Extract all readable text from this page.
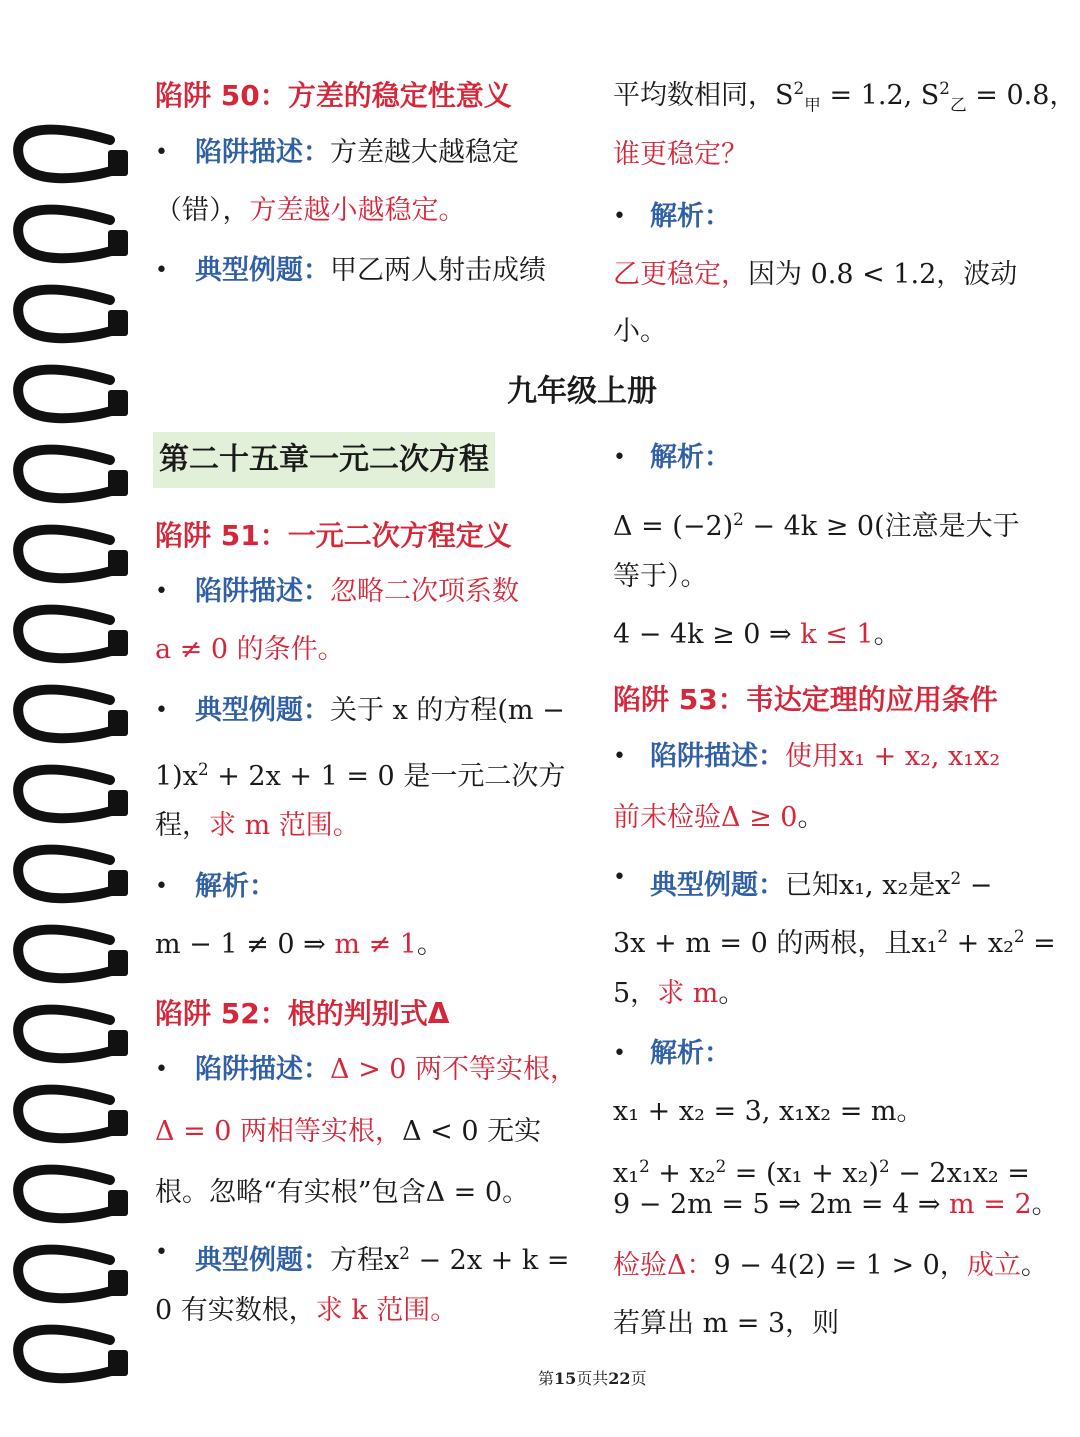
陷阱 50：方差的稳定性意义
• 陷阱描述：方差越大越稳定
（错），方差越小越稳定。
• 典型例题：甲乙两人射击成绩
平均数相同，$S^2_甲 = 1.2$, $S^2_乙 = 0.8$，
谁更稳定？
• 解析：
乙更稳定，因为 0.8 < 1.2，波动
小。
九年级上册
第二十五章一元二次方程
陷阱 51：一元二次方程定义
• 陷阱描述：忽略二次项系数
a ≠ 0 的条件。
• 典型例题：关于 x 的方程(m −
$1)x^2 + 2x + 1 = 0$ 是一元二次方
程，求 m 范围。
• 解析：
m − 1 ≠ 0 ⇒ m ≠ 1。
陷阱 52：根的判别式Δ
• 陷阱描述：Δ > 0 两不等实根，
Δ = 0 两相等实根，Δ < 0 无实
根。忽略“有实根”包含Δ = 0。
• 典型例题：方程$x^2 - 2x + k$ =
0 有实数根，求 k 范围。
• 解析：
$\Delta = (-2)^2 - 4k \ge 0$(注意是大于
等于）。
4 − 4k ≥ 0 ⇒ k ≤ 1。
陷阱 53：韦达定理的应用条件
• 陷阱描述：使用x₁ + x₂, x₁x₂
前未检验Δ ≥ 0。
• 典型例题：已知x₁, x₂是$x^2$ −
3x + m = 0 的两根，且x₁$^2$ + x₂$^2$ =
5，求 m。
• 解析：
x₁ + x₂ = 3, x₁x₂ = m。
$x_1^2 + x_2^2 = (x_1 + x_2)^2 - 2x_1x_2$ =
9 − 2m = 5 ⇒ 2m = 4 ⇒ m = 2。
检验Δ：9 − 4(2) = 1 > 0，成立。
若算出 m = 3，则
第15页共22页
